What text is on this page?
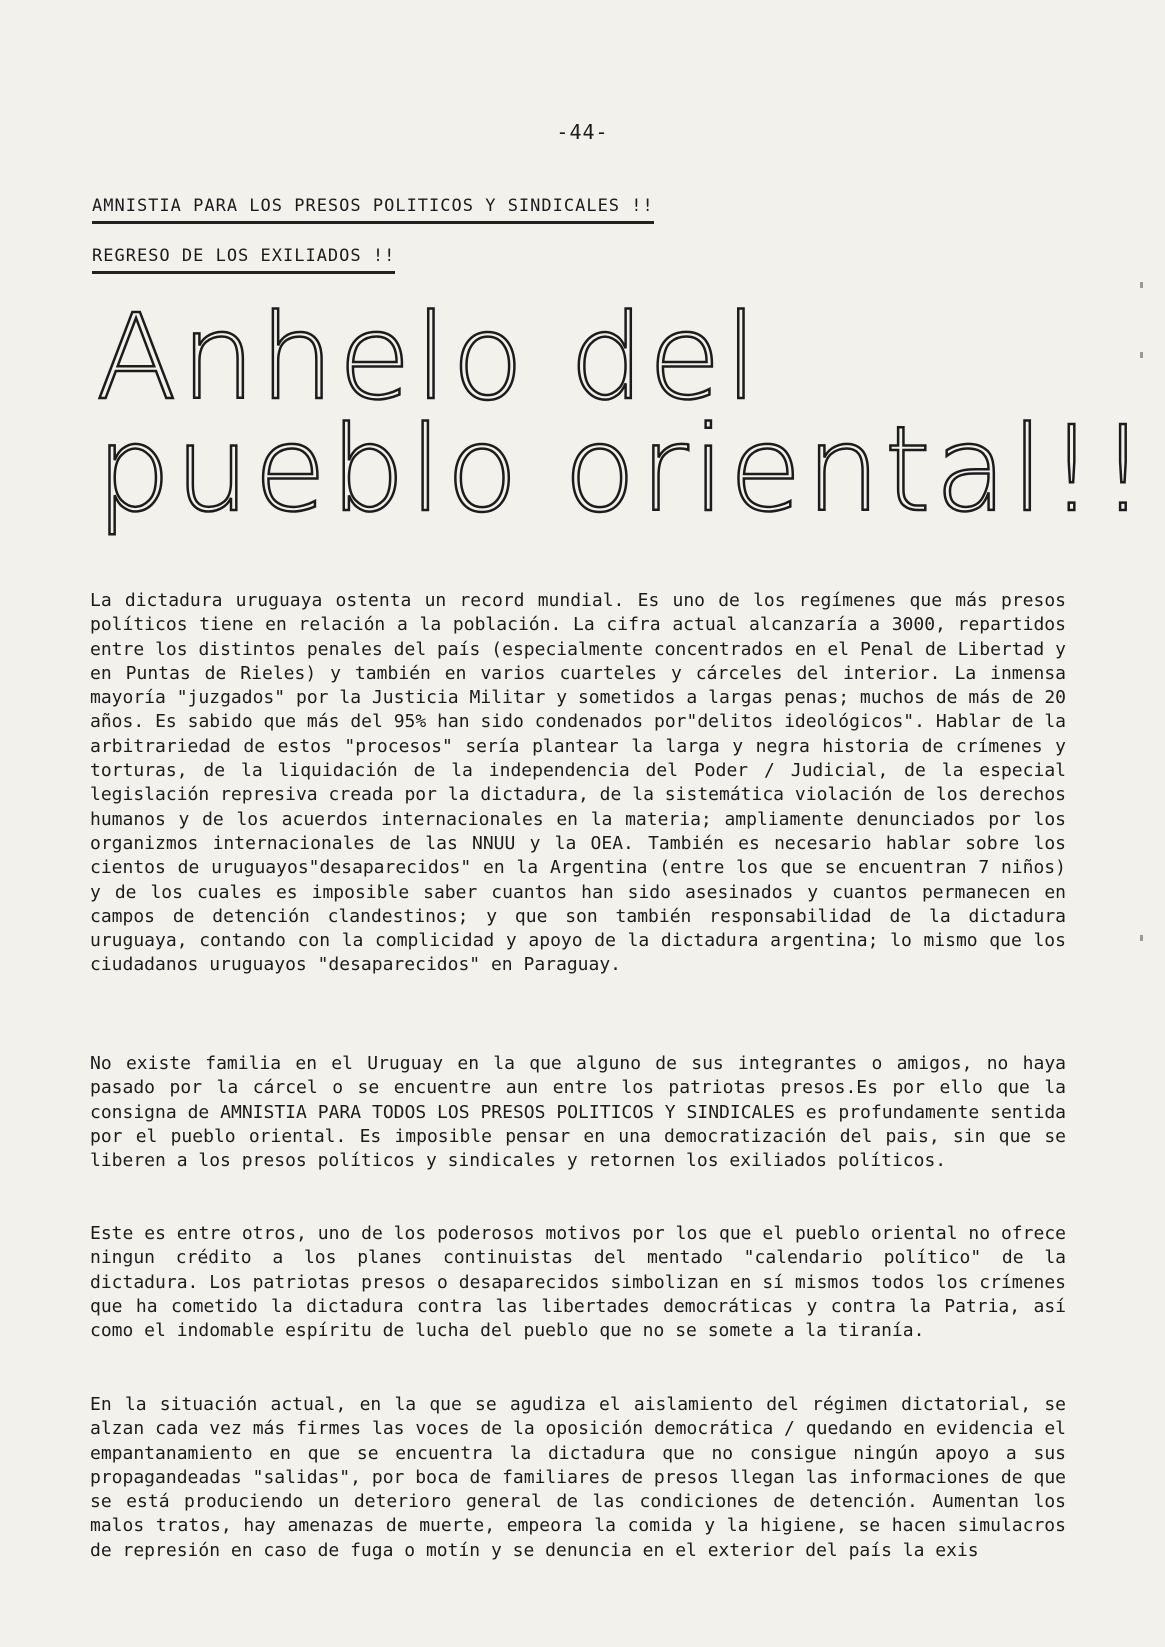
-44-
AMNISTIA PARA LOS PRESOS POLITICOS Y SINDICALES !!
REGRESO DE LOS EXILIADOS !!
Anhelo del
pueblo oriental!!
La dictadura uruguaya ostenta un record mundial. Es uno de los regímenes que más presos políticos tiene en relación a la población. La cifra actual alcanzaría a 3000, repartidos entre los distintos penales del país (especialmente concentrados en el Penal de Libertad y en Puntas de Rieles) y también en varios cuarteles y cárceles del interior. La inmensa mayoría "juzgados" por la Justicia Militar y sometidos a largas penas; muchos de más de 20 años. Es sabido que más del 95% han sido condenados por"delitos ideológicos". Hablar de la arbitrariedad de estos "procesos" sería plantear la larga y negra historia de crímenes y torturas, de la liquidación de la independencia del Poder / Judicial, de la especial legislación represiva creada por la dictadura, de la sistemática violación de los derechos humanos y de los acuerdos internacionales en la materia; ampliamente denunciados por los organizmos internacionales de las NNUU y la OEA. También es necesario hablar sobre los cientos de uruguayos"desaparecidos" en la Argentina (entre los que se encuentran 7 niños) y de los cuales es imposible saber cuantos han sido asesinados y cuantos permanecen en campos de detención clandestinos; y que son también responsabilidad de la dictadura uruguaya, contando con la complicidad y apoyo de la dictadura argentina; lo mismo que los ciudadanos uruguayos "desaparecidos" en Paraguay.
No existe familia en el Uruguay en la que alguno de sus integrantes o amigos, no haya pasado por la cárcel o se encuentre aun entre los patriotas presos.Es por ello que la consigna de AMNISTIA PARA TODOS LOS PRESOS POLITICOS Y SINDICALES es profundamente sentida por el pueblo oriental. Es imposible pensar en una democratización del pais, sin que se liberen a los presos políticos y sindicales y retornen los exiliados políticos.
Este es entre otros, uno de los poderosos motivos por los que el pueblo oriental no ofrece ningun crédito a los planes continuistas del mentado "calendario político" de la dictadura. Los patriotas presos o desaparecidos simbolizan en sí mismos todos los crímenes que ha cometido la dictadura contra las libertades democráticas y contra la Patria, así como el indomable espíritu de lucha del pueblo que no se somete a la tiranía.
En la situación actual, en la que se agudiza el aislamiento del régimen dictatorial, se alzan cada vez más firmes las voces de la oposición democrática / quedando en evidencia el empantanamiento en que se encuentra la dictadura que no consigue ningún apoyo a sus propagandeadas "salidas", por boca de familiares de presos llegan las informaciones de que se está produciendo un deterioro general de las condiciones de detención. Aumentan los malos tratos, hay amenazas de muerte, empeora la comida y la higiene, se hacen simulacros de represión en caso de fuga o motín y se denuncia en el exterior del país la exis
